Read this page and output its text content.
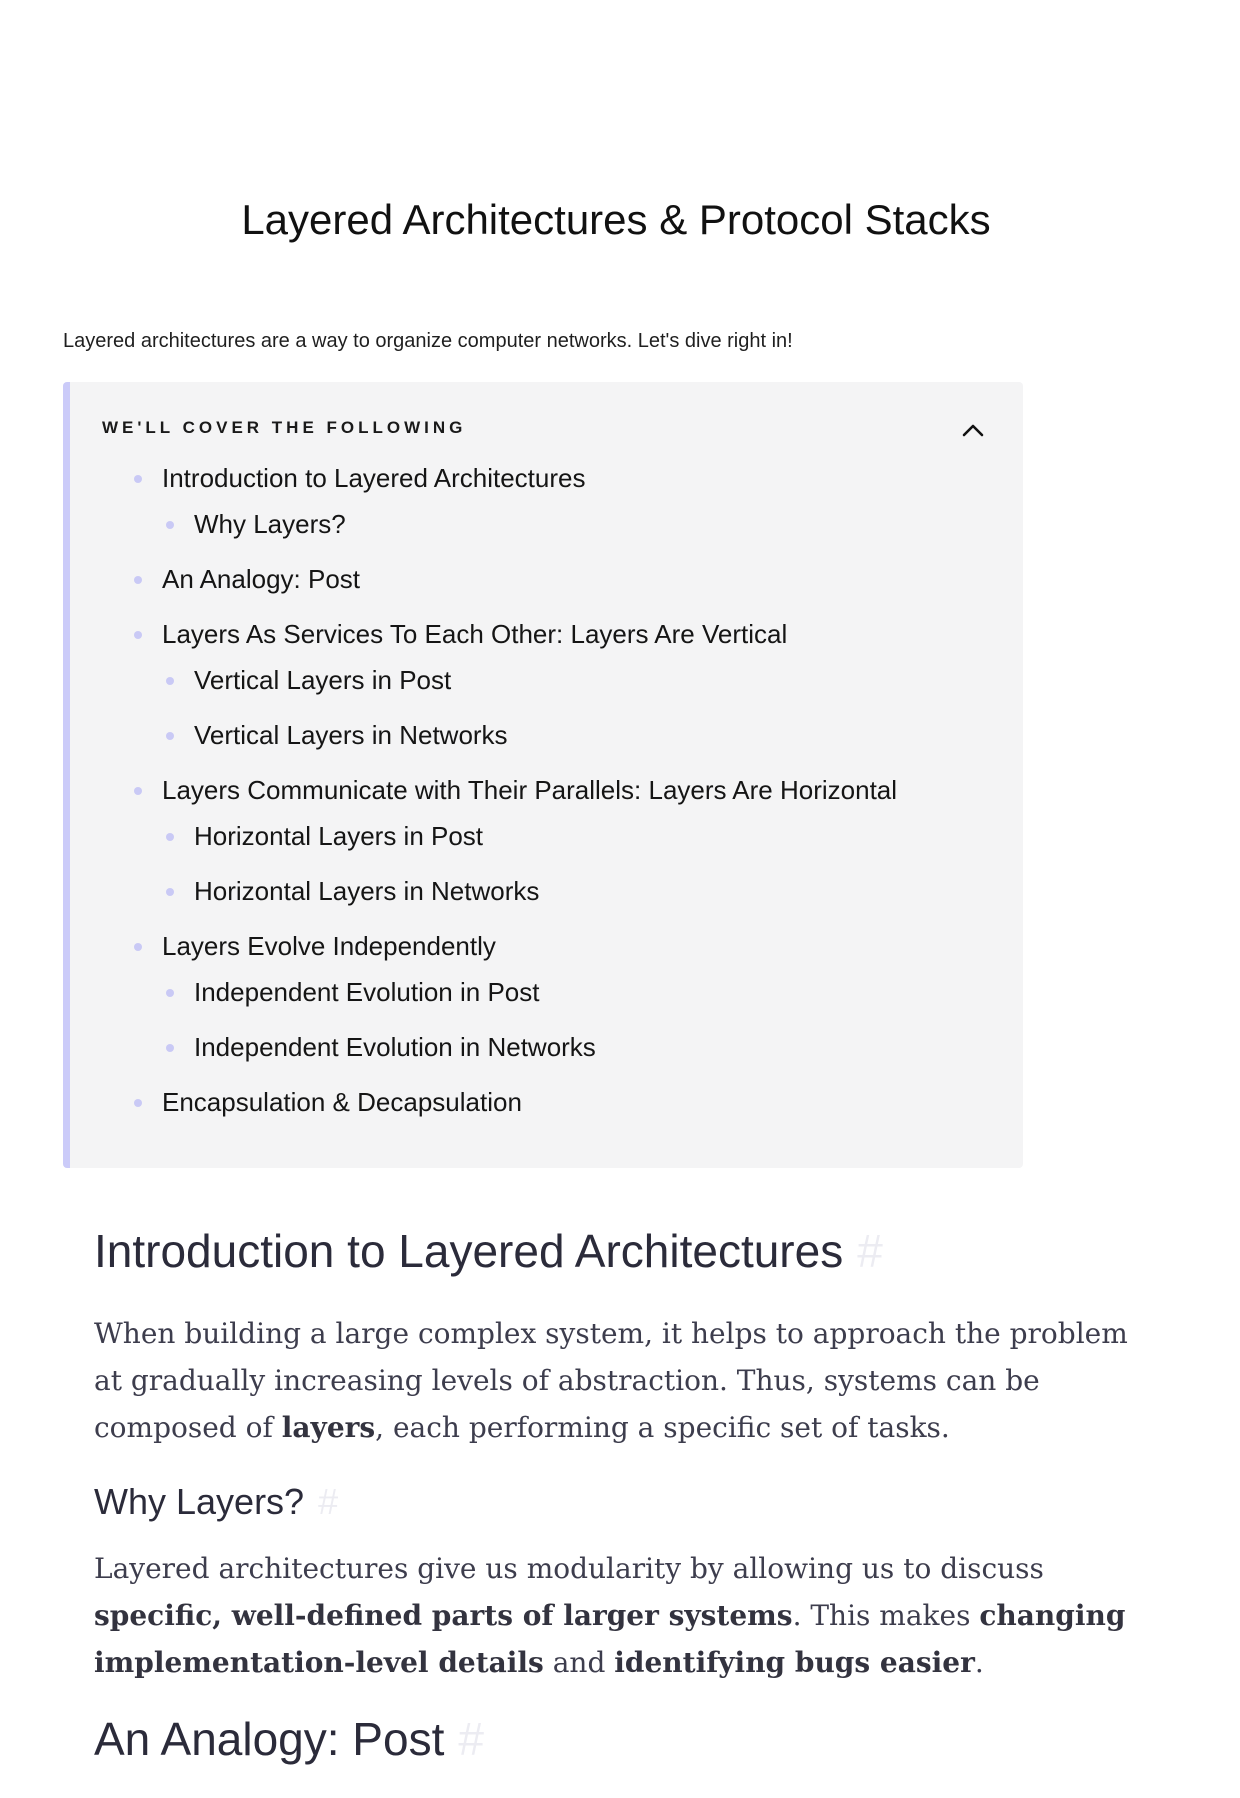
Layered Architectures & Protocol Stacks

Layered architectures are a way to organize computer networks. Let's dive right in!

WE'LL COVER THE FOLLOWING
Introduction to Layered Architectures
Why Layers?
An Analogy: Post
Layers As Services To Each Other: Layers Are Vertical
Vertical Layers in Post
Vertical Layers in Networks
Layers Communicate with Their Parallels: Layers Are Horizontal
Horizontal Layers in Post
Horizontal Layers in Networks
Layers Evolve Independently
Independent Evolution in Post
Independent Evolution in Networks
Encapsulation & Decapsulation
Introduction to Layered Architectures #

When building a large complex system, it helps to approach the problem at gradually increasing levels of abstraction. Thus, systems can be composed of layers, each performing a specific set of tasks.

Why Layers? #

Layered architectures give us modularity by allowing us to discuss specific, well-defined parts of larger systems. This makes changing implementation-level details and identifying bugs easier.

An Analogy: Post #
